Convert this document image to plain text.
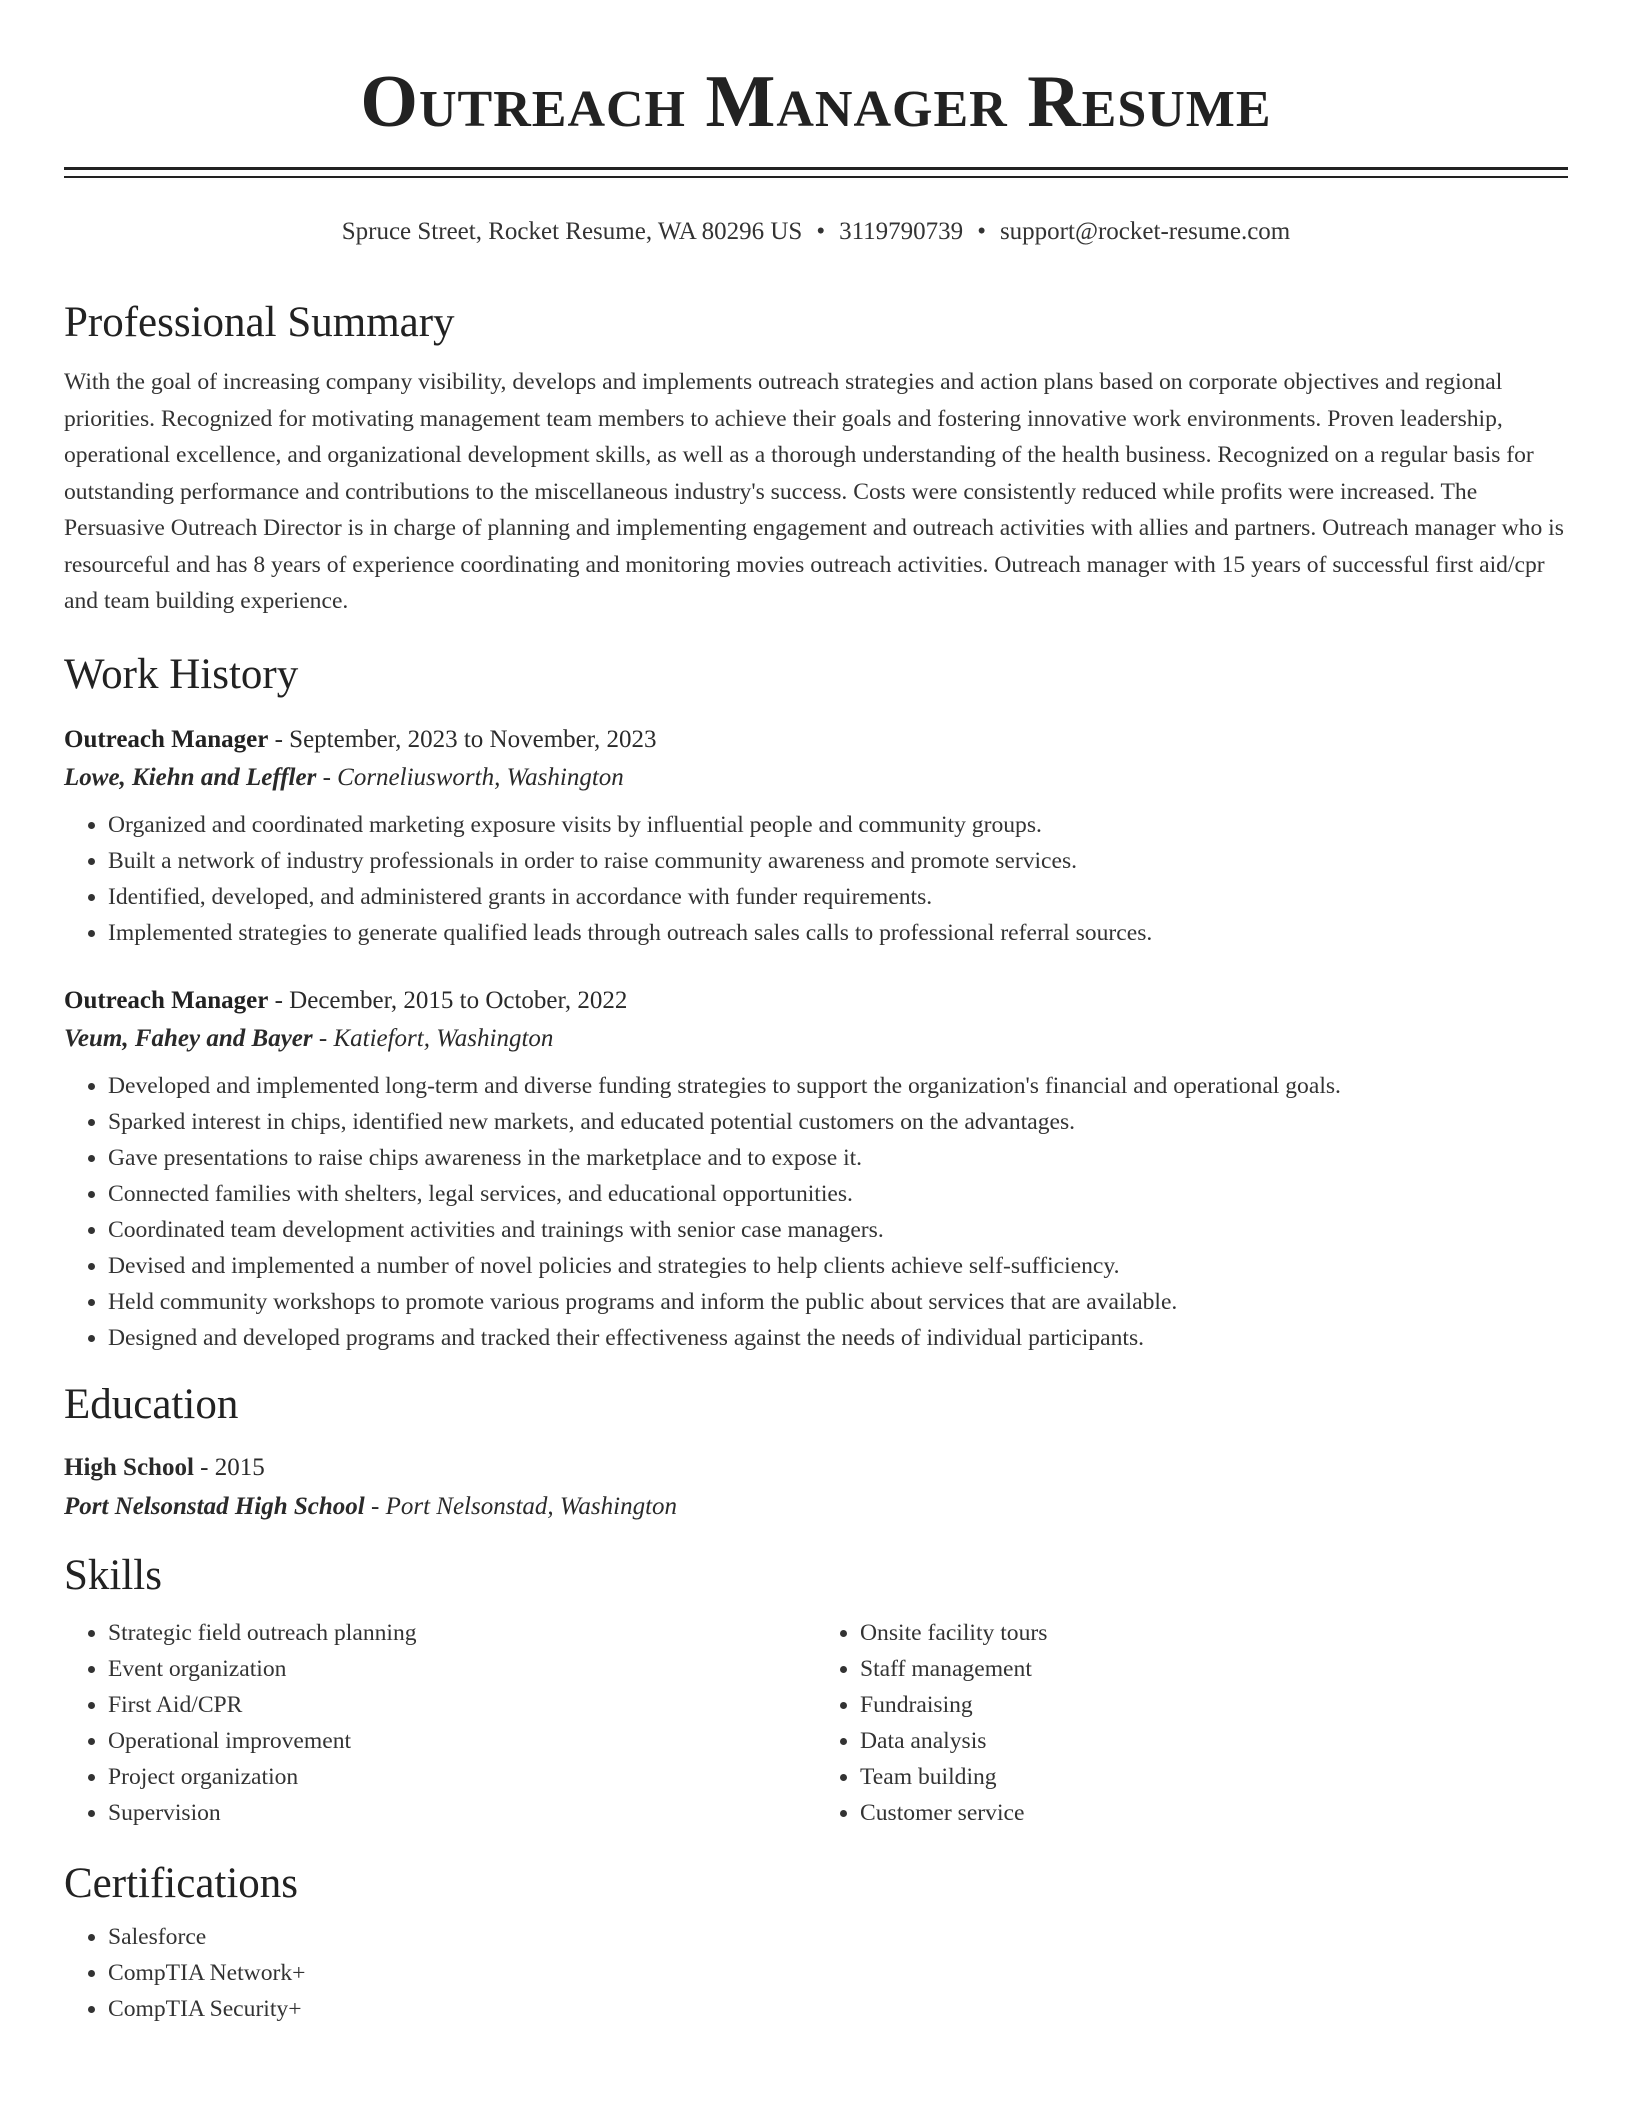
Outreach Manager Resume
Spruce Street, Rocket Resume, WA 80296 US • 3119790739 • support@rocket-resume.com
Professional Summary

With the goal of increasing company visibility, develops and implements outreach strategies and action plans based on corporate objectives and regional priorities. Recognized for motivating management team members to achieve their goals and fostering innovative work environments. Proven leadership, operational excellence, and organizational development skills, as well as a thorough understanding of the health business. Recognized on a regular basis for outstanding performance and contributions to the miscellaneous industry's success. Costs were consistently reduced while profits were increased. The Persuasive Outreach Director is in charge of planning and implementing engagement and outreach activities with allies and partners. Outreach manager who is resourceful and has 8 years of experience coordinating and monitoring movies outreach activities. Outreach manager with 15 years of successful first aid/cpr and team building experience.

Work History
Outreach Manager - September, 2023 to November, 2023
Lowe, Kiehn and Leffler - Corneliusworth, Washington
• Organized and coordinated marketing exposure visits by influential people and community groups.
• Built a network of industry professionals in order to raise community awareness and promote services.
• Identified, developed, and administered grants in accordance with funder requirements.
• Implemented strategies to generate qualified leads through outreach sales calls to professional referral sources.
Outreach Manager - December, 2015 to October, 2022
Veum, Fahey and Bayer - Katiefort, Washington
• Developed and implemented long-term and diverse funding strategies to support the organization's financial and operational goals.
• Sparked interest in chips, identified new markets, and educated potential customers on the advantages.
• Gave presentations to raise chips awareness in the marketplace and to expose it.
• Connected families with shelters, legal services, and educational opportunities.
• Coordinated team development activities and trainings with senior case managers.
• Devised and implemented a number of novel policies and strategies to help clients achieve self-sufficiency.
• Held community workshops to promote various programs and inform the public about services that are available.
• Designed and developed programs and tracked their effectiveness against the needs of individual participants.
Education
High School - 2015
Port Nelsonstad High School - Port Nelsonstad, Washington
Skills
• Strategic field outreach planning
• Event organization
• First Aid/CPR
• Operational improvement
• Project organization
• Supervision
• Onsite facility tours
• Staff management
• Fundraising
• Data analysis
• Team building
• Customer service
Certifications
• Salesforce
• CompTIA Network+
• CompTIA Security+
